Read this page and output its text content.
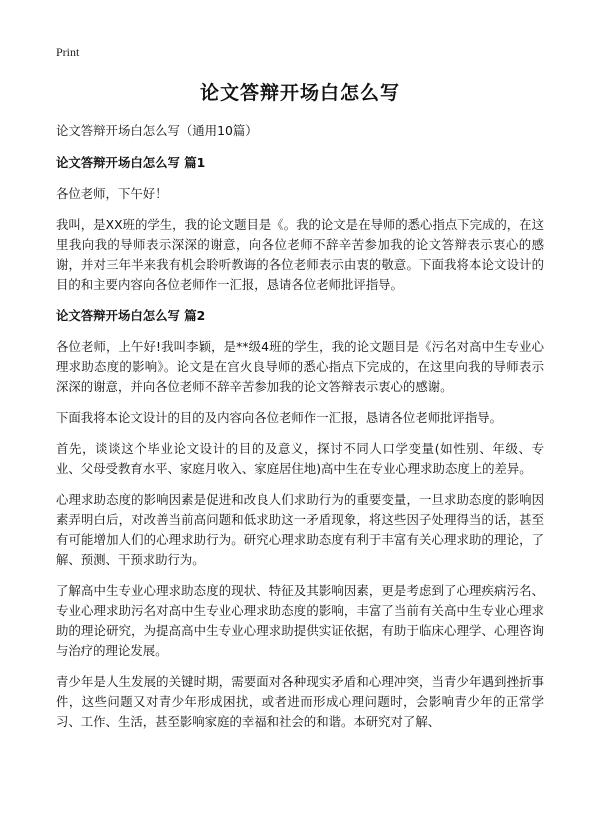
Print
论文答辩开场白怎么写

论文答辩开场白怎么写（通用10篇）

论文答辩开场白怎么写 篇1

各位老师，下午好！

我叫，是XX班的学生，我的论文题目是《。我的论文是在导师的悉心指点下完成的，在这里我向我的导师表示深深的谢意，向各位老师不辞辛苦参加我的论文答辩表示衷心的感谢，并对三年半来我有机会聆听教诲的各位老师表示由衷的敬意。下面我将本论文设计的目的和主要内容向各位老师作一汇报，恳请各位老师批评指导。

论文答辩开场白怎么写 篇2

各位老师，上午好!我叫李颖，是**级4班的学生，我的论文题目是《污名对高中生专业心理求助态度的影响》。论文是在宫火良导师的悉心指点下完成的，在这里向我的导师表示深深的谢意，并向各位老师不辞辛苦参加我的论文答辩表示衷心的感谢。

下面我将本论文设计的目的及内容向各位老师作一汇报，恳请各位老师批评指导。

首先，谈谈这个毕业论文设计的目的及意义，探讨不同人口学变量(如性别、年级、专业、父母受教育水平、家庭月收入、家庭居住地)高中生在专业心理求助态度上的差异。

心理求助态度的影响因素是促进和改良人们求助行为的重要变量，一旦求助态度的影响因素弄明白后，对改善当前高问题和低求助这一矛盾现象，将这些因子处理得当的话，甚至有可能增加人们的心理求助行为。研究心理求助态度有利于丰富有关心理求助的理论，了解、预测、干预求助行为。

了解高中生专业心理求助态度的现状、特征及其影响因素，更是考虑到了心理疾病污名、专业心理求助污名对高中生专业心理求助态度的影响，丰富了当前有关高中生专业心理求助的理论研究，为提高高中生专业心理求助提供实证依据，有助于临床心理学、心理咨询与治疗的理论发展。

青少年是人生发展的关键时期，需要面对各种现实矛盾和心理冲突，当青少年遇到挫折事件，这些问题又对青少年形成困扰，或者进而形成心理问题时，会影响青少年的正常学习、工作、生活，甚至影响家庭的幸福和社会的和谐。本研究对了解、
